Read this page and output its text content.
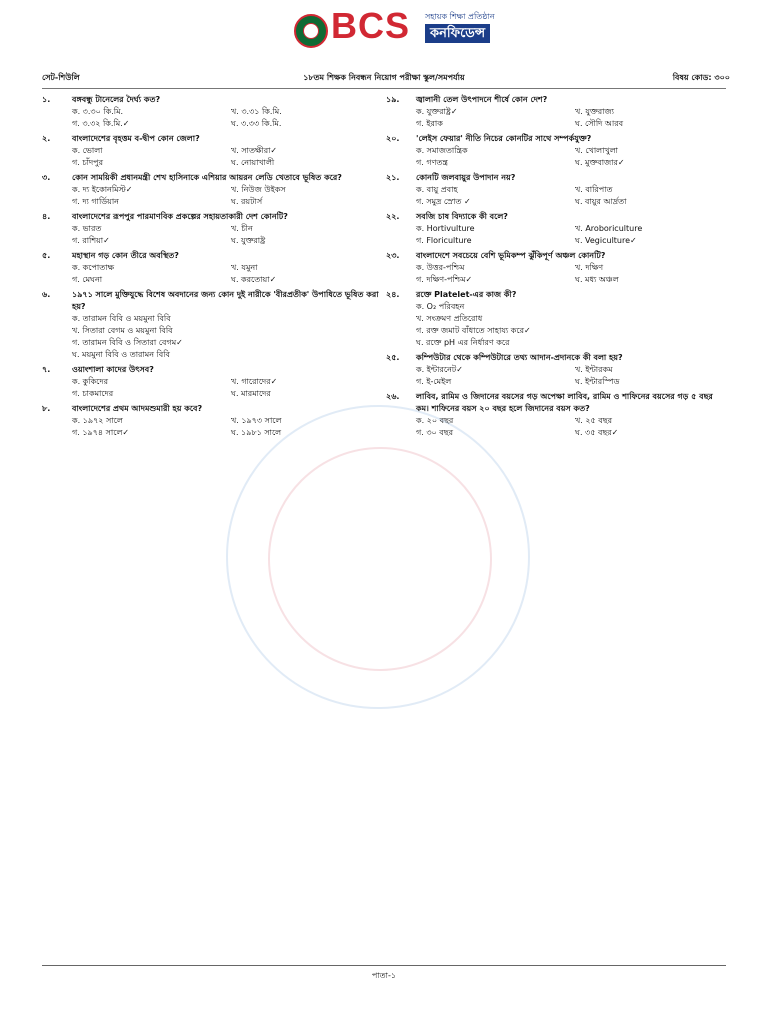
BCS সহায়ক শিক্ষা প্রতিষ্ঠান
কনফিডেন্স
সেট-শিউলি	১৮তম শিক্ষক নিবন্ধন নিয়োগ পরীক্ষা স্কুল/সমপর্যায়	বিষয় কোড: ৩০০
১.	বঙ্গবন্ধু টানেলের দৈর্ঘ্য কত?
ক. ৩.৩০ কি.মি.	খ. ৩.৩১ কি.মি.
গ. ৩.৩২ কি.মি.✓	ঘ. ৩.৩৩ কি.মি.
২.	বাংলাদেশের বৃহত্তম ব-দ্বীপ কোন জেলা?
ক. ভোলা	খ. সাতক্ষীরা✓
গ. চাঁদপুর	ঘ. নোয়াখালী
৩.	কোন সাময়িকী প্রধানমন্ত্রী শেখ হাসিনাকে এশিয়ার আয়রন লেডি খেতাবে ভূষিত করে?
ক. দ্য ইকোনমিস্ট✓	খ. নিউজ উইকস
গ. দ্য গার্ডিয়ান	ঘ. রয়টার্স
৪.	বাংলাদেশের রূপপুর পারমাণবিক প্রকল্পের সহায়তাকারী দেশ কোনটি?
ক. ভারত	খ. চীন
গ. রাশিয়া✓	ঘ. যুক্তরাষ্ট্র
৫.	মহাস্থান গড় কোন তীরে অবস্থিত?
ক. কপোতাক্ষ	খ. যমুনা
গ. মেঘনা	ঘ. করতোয়া✓
৬.	১৯৭১ সালে মুক্তিযুদ্ধে বিশেষ অবদানের জন্য কোন দুই নারীকে 'বীরপ্রতীক' উপাধিতে ভূষিত করা হয়?
ক. তারামন বিবি ও ময়মুনা বিবি
খ. সিতারা বেগম ও ময়মুনা বিবি
গ. তারামন বিবি ও সিতারা বেগম✓
ঘ. ময়মুনা বিবি ও তারামন বিবি
৭.	ওয়াংশালা কাদের উৎসব?
ক. কুকিদের	খ. গারোদের✓
গ. চাকমাদের	ঘ. মারমাদের
৮.	বাংলাদেশের প্রথম আদমশুমারী হয় কবে?
ক. ১৯৭২ সালে	খ. ১৯৭৩ সালে
গ. ১৯৭৪ সালে✓	ঘ. ১৯৮১ সালে
১৯.	জ্বালানী তেল উৎপাদনে শীর্ষে কোন দেশ?
ক. যুক্তরাষ্ট্র✓	খ. যুক্তরাজ্য
গ. ইরাক	ঘ. সৌদি আরব
২০.	'লেইস ফেয়ার' নীতি নিচের কোনটির সাথে সম্পর্কযুক্ত?
ক. সমাজতান্ত্রিক	খ. খোলাখুলা
গ. গণতন্ত্র	ঘ. মুক্তবাজার✓
২১.	কোনটি জলবায়ুর উপাদান নয়?
ক. বায়ু প্রবাহ	খ. বারিপাত
গ. সমুদ্র স্রোত ✓	ঘ. বায়ুর আর্দ্রতা
২২.	সবজি চাষ বিদ্যাকে কী বলে?
ক. Hortivulture	খ. Aroboriculture
গ. Floriculture	ঘ. Vegiculture✓
২৩.	বাংলাদেশে সবচেয়ে বেশি ভূমিকম্প ঝুঁকিপূর্ণ অঞ্চল কোনটি?
ক. উত্তর-পশ্চিম	খ. দক্ষিণ
গ. দক্ষিণ-পশ্চিম✓	ঘ. মধ্য অঞ্চল
২৪.	রক্তে Platelet-এর কাজ কী?
ক. O₂ পরিবহন
খ. সংক্রমণ প্রতিরোধ
গ. রক্ত জমাট বাঁধাতে সাহায্য করে✓
ঘ. রক্তে pH এর নির্ধারণ করে
২৫.	কম্পিউটার থেকে কম্পিউটারে তথ্য আদান-প্রদানকে কী বলা হয়?
ক. ইন্টারনেট✓	খ. ইন্টারকম
গ. ই-মেইল	ঘ. ইন্টারস্পিড
২৬.	লাবিব, রামিম ও জিদানের বয়সের গড় অপেক্ষা লাবিব, রামিম ও শাফিনের বয়সের গড় ৫ বছর কম। শাফিনের বয়স ২০ বছর হলে জিদানের বয়স কত?
ক. ২০ বছর	খ. ২৫ বছর
গ. ৩০ বছর	ঘ. ৩৫ বছর✓
পাতা-১
